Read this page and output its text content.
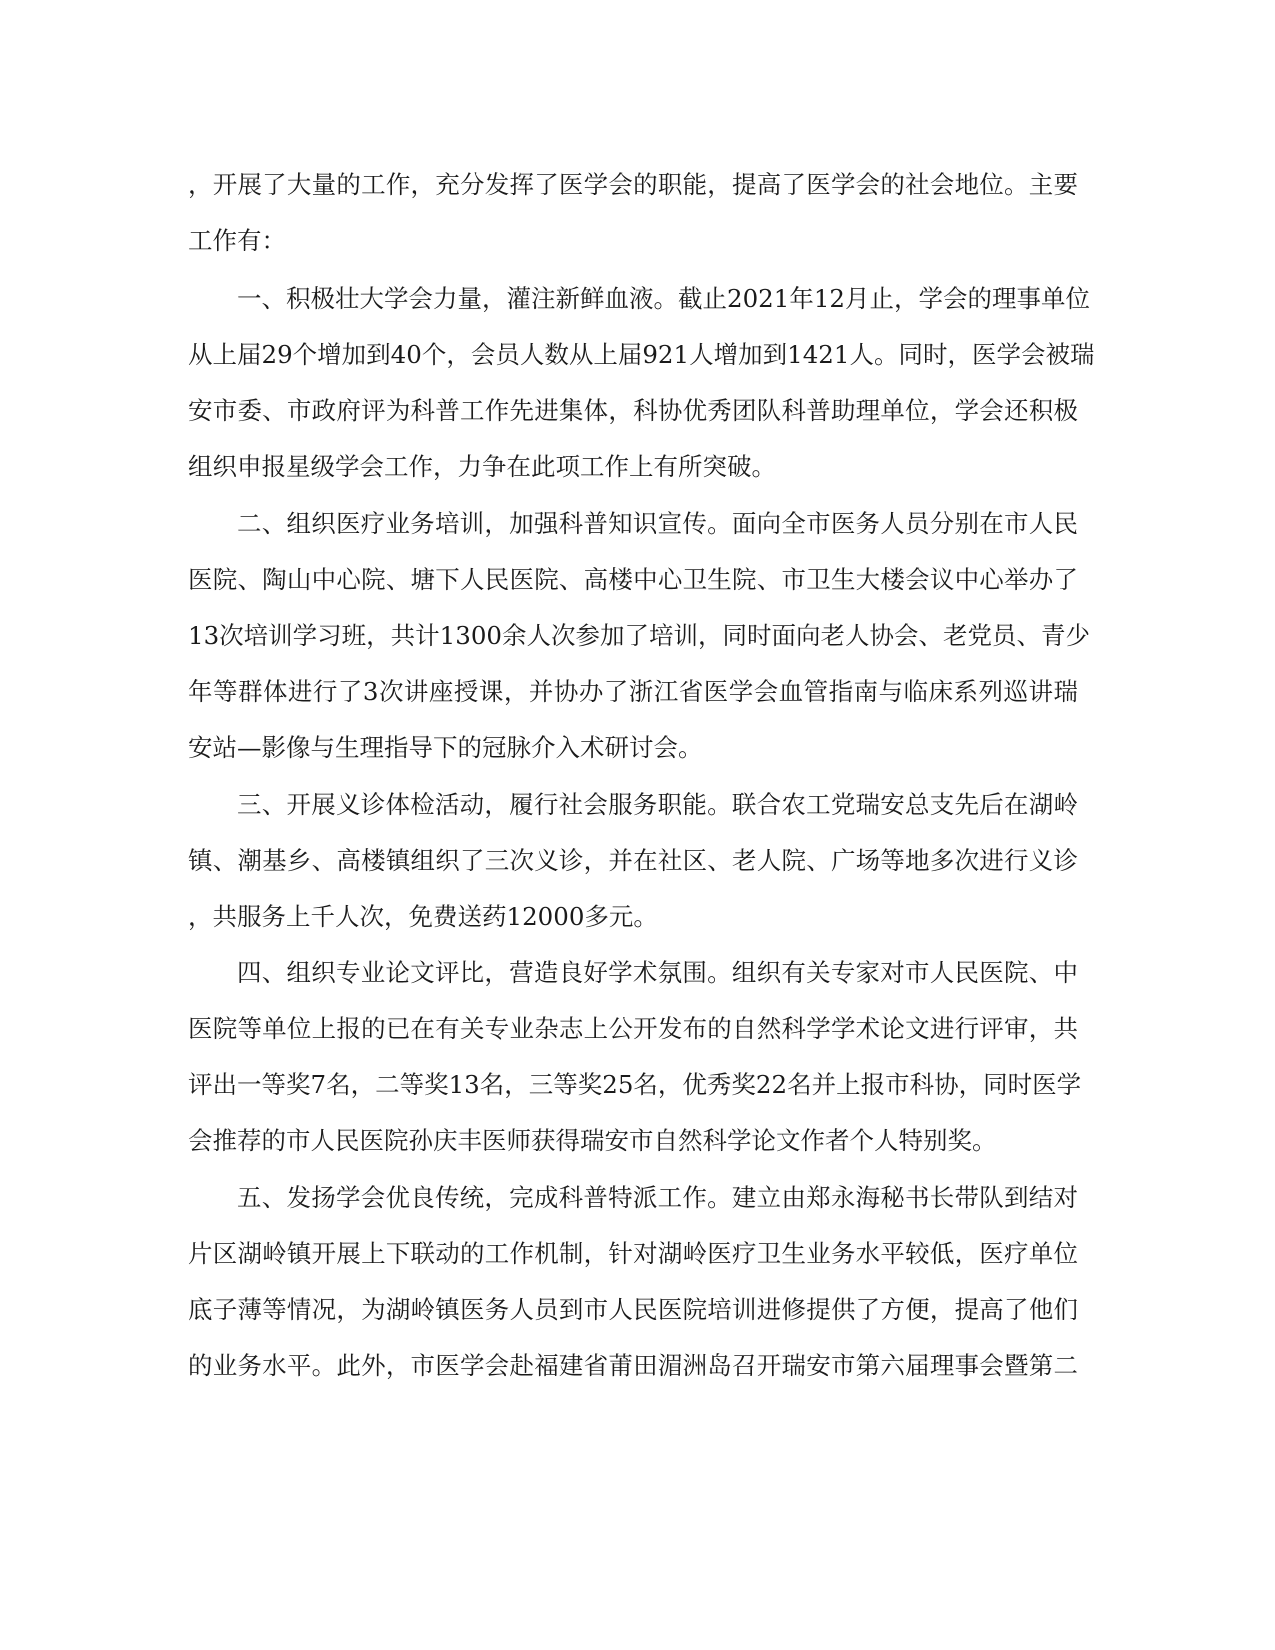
，开展了大量的工作，充分发挥了医学会的职能，提高了医学会的社会地位。主要
工作有：
一、积极壮大学会力量，灌注新鲜血液。截止2021年12月止，学会的理事单位
从上届29个增加到40个，会员人数从上届921人增加到1421人。同时，医学会被瑞
安市委、市政府评为科普工作先进集体，科协优秀团队科普助理单位，学会还积极
组织申报星级学会工作，力争在此项工作上有所突破。
二、组织医疗业务培训，加强科普知识宣传。面向全市医务人员分别在市人民
医院、陶山中心院、塘下人民医院、高楼中心卫生院、市卫生大楼会议中心举办了
13次培训学习班，共计1300余人次参加了培训，同时面向老人协会、老党员、青少
年等群体进行了3次讲座授课，并协办了浙江省医学会血管指南与临床系列巡讲瑞
安站—影像与生理指导下的冠脉介入术研讨会。
三、开展义诊体检活动，履行社会服务职能。联合农工党瑞安总支先后在湖岭
镇、潮基乡、高楼镇组织了三次义诊，并在社区、老人院、广场等地多次进行义诊
，共服务上千人次，免费送药12000多元。
四、组织专业论文评比，营造良好学术氛围。组织有关专家对市人民医院、中
医院等单位上报的已在有关专业杂志上公开发布的自然科学学术论文进行评审，共
评出一等奖7名，二等奖13名，三等奖25名，优秀奖22名并上报市科协，同时医学
会推荐的市人民医院孙庆丰医师获得瑞安市自然科学论文作者个人特别奖。
五、发扬学会优良传统，完成科普特派工作。建立由郑永海秘书长带队到结对
片区湖岭镇开展上下联动的工作机制，针对湖岭医疗卫生业务水平较低，医疗单位
底子薄等情况，为湖岭镇医务人员到市人民医院培训进修提供了方便，提高了他们
的业务水平。此外，市医学会赴福建省莆田湄洲岛召开瑞安市第六届理事会暨第二
